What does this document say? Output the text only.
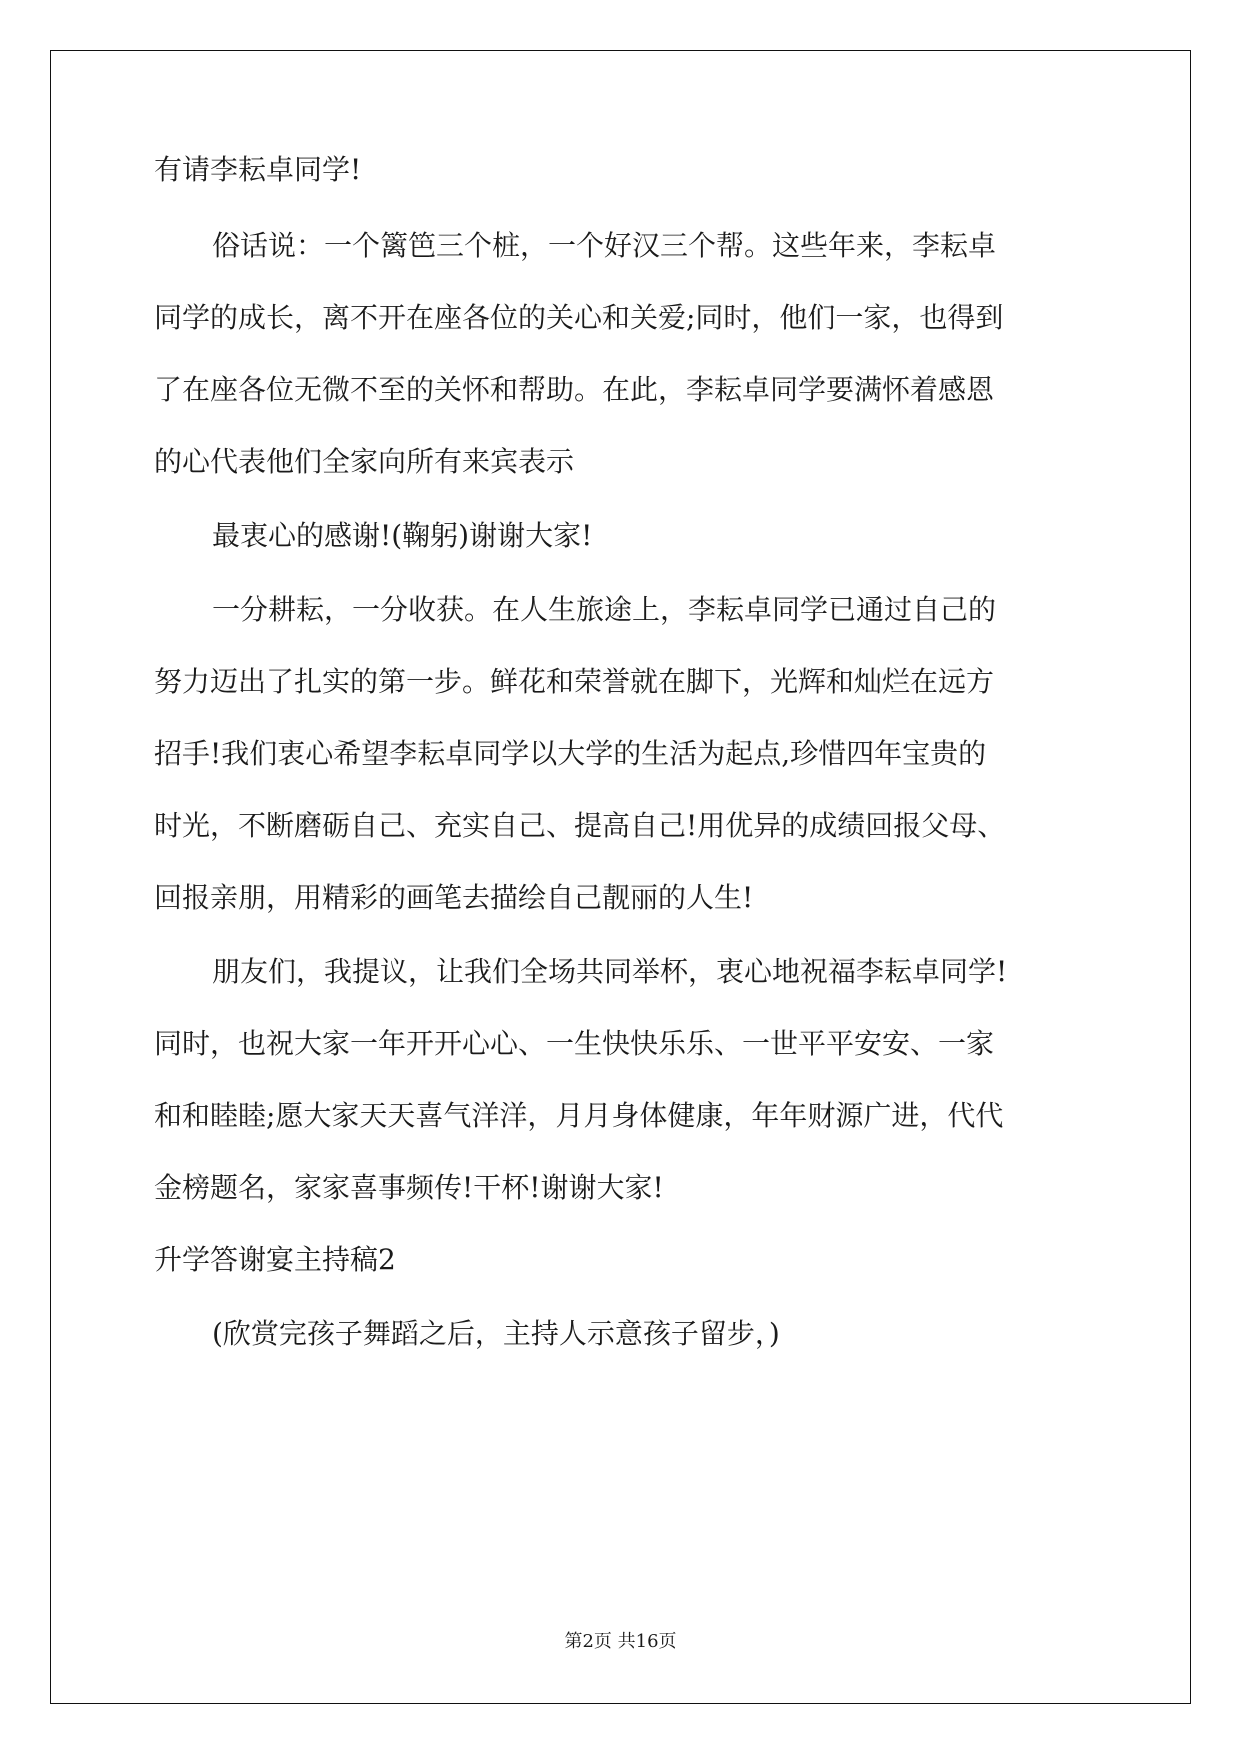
有请李耘卓同学!
俗话说：一个篱笆三个桩，一个好汉三个帮。这些年来，李耘卓
同学的成长，离不开在座各位的关心和关爱;同时，他们一家，也得到
了在座各位无微不至的关怀和帮助。在此，李耘卓同学要满怀着感恩
的心代表他们全家向所有来宾表示
最衷心的感谢!(鞠躬)谢谢大家!
一分耕耘，一分收获。在人生旅途上，李耘卓同学已通过自己的
努力迈出了扎实的第一步。鲜花和荣誉就在脚下，光辉和灿烂在远方
招手!我们衷心希望李耘卓同学以大学的生活为起点,珍惜四年宝贵的
时光，不断磨砺自己、充实自己、提高自己!用优异的成绩回报父母、
回报亲朋，用精彩的画笔去描绘自己靓丽的人生!
朋友们，我提议，让我们全场共同举杯，衷心地祝福李耘卓同学!
同时，也祝大家一年开开心心、一生快快乐乐、一世平平安安、一家
和和睦睦;愿大家天天喜气洋洋，月月身体健康，年年财源广进，代代
金榜题名，家家喜事频传!干杯!谢谢大家!
升学答谢宴主持稿2
(欣赏完孩子舞蹈之后，主持人示意孩子留步，)
第2页 共16页
